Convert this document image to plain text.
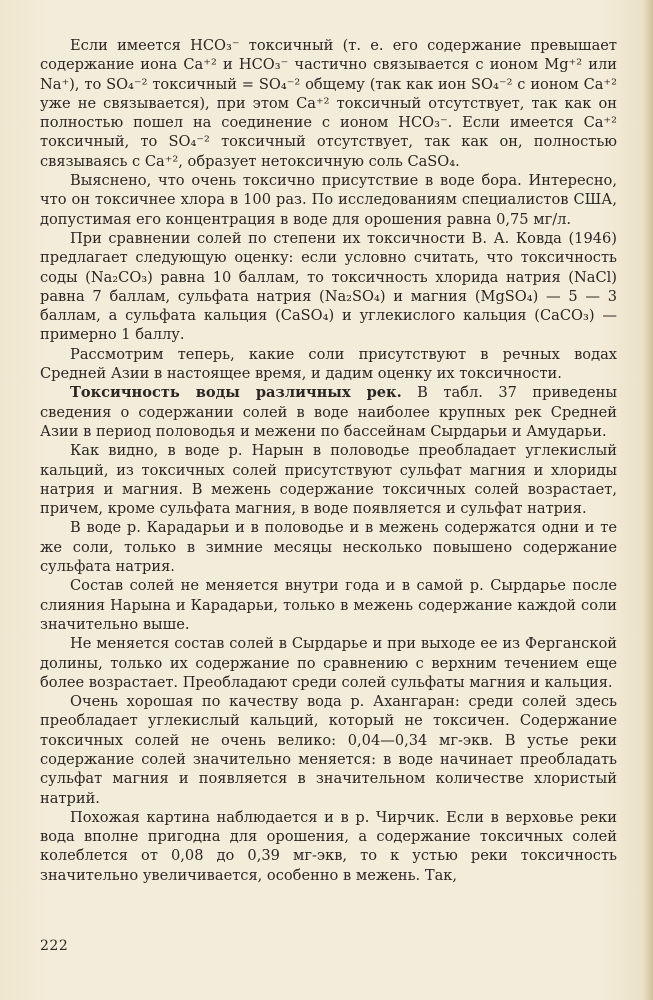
Если имеется HCO₃⁻ токсичный (т. е. его содержание превышает содержание иона Ca⁺² и HCO₃⁻ частично связывается с ионом Mg⁺² или Na⁺), то SO₄⁻² токсичный = SO₄⁻² общему (так как ион SO₄⁻² с ионом Ca⁺² уже не связывается), при этом Ca⁺² токсичный отсутствует, так как он полностью пошел на соединение с ионом HCO₃⁻. Если имеется Ca⁺² токсичный, то SO₄⁻² токсичный отсутствует, так как он, полностью связываясь с Ca⁺², образует нетоксичную соль CaSO₄.

Выяснено, что очень токсично присутствие в воде бора. Интересно, что он токсичнее хлора в 100 раз. По исследованиям специалистов США, допустимая его концентрация в воде для орошения равна 0,75 мг/л.

При сравнении солей по степени их токсичности В. А. Ковда (1946) предлагает следующую оценку: если условно считать, что токсичность соды (Na₂CO₃) равна 10 баллам, то токсичность хлорида натрия (NaCl) равна 7 баллам, сульфата натрия (Na₂SO₄) и магния (MgSO₄) — 5 — 3 баллам, а сульфата кальция (CaSO₄) и углекислого кальция (CaCO₃) — примерно 1 баллу.

Рассмотрим теперь, какие соли присутствуют в речных водах Средней Азии в настоящее время, и дадим оценку их токсичности.

Токсичность воды различных рек. В табл. 37 приведены сведения о содержании солей в воде наиболее крупных рек Средней Азии в период половодья и межени по бассейнам Сырдарьи и Амударьи.

Как видно, в воде р. Нарын в половодье преобладает углекислый кальций, из токсичных солей присутствуют сульфат магния и хлориды натрия и магния. В межень содержание токсичных солей возрастает, причем, кроме сульфата магния, в воде появляется и сульфат натрия.

В воде р. Карадарьи и в половодье и в межень содержатся одни и те же соли, только в зимние месяцы несколько повышено содержание сульфата натрия.

Состав солей не меняется внутри года и в самой р. Сырдарье после слияния Нарына и Карадарьи, только в межень содержание каждой соли значительно выше.

Не меняется состав солей в Сырдарье и при выходе ее из Ферганской долины, только их содержание по сравнению с верхним течением еще более возрастает. Преобладают среди солей сульфаты магния и кальция.

Очень хорошая по качеству вода р. Ахангаран: среди солей здесь преобладает углекислый кальций, который не токсичен. Содержание токсичных солей не очень велико: 0,04—0,34 мг-экв. В устье реки содержание солей значительно меняется: в воде начинает преобладать сульфат магния и появляется в значительном количестве хлористый натрий.

Похожая картина наблюдается и в р. Чирчик. Если в верховье реки вода вполне пригодна для орошения, а содержание токсичных солей колеблется от 0,08 до 0,39 мг-экв, то к устью реки токсичность значительно увеличивается, особенно в межень. Так,

222
